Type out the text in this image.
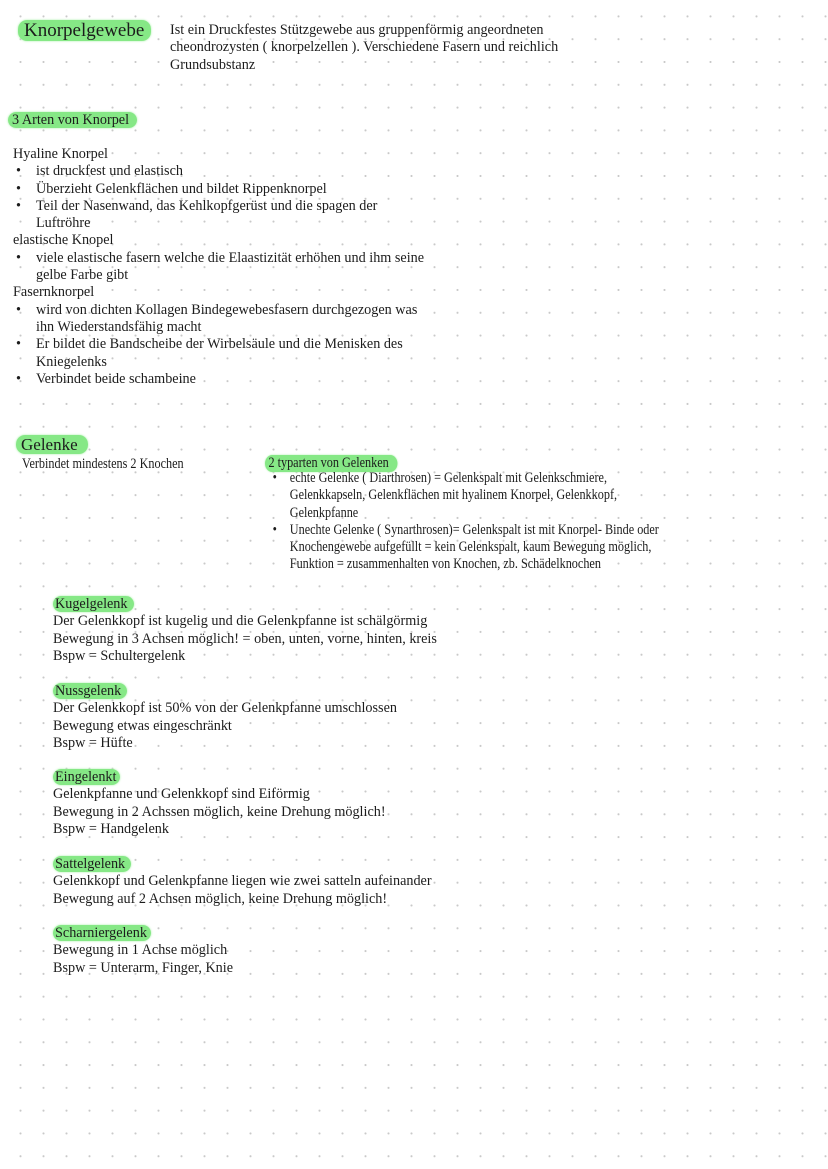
Knorpelgewebe	Ist ein Druckfestes Stützgewebe aus gruppenförmig angeordneten
cheondrozysten ( knorpelzellen ). Verschiedene Fasern und reichlich
Grundsubstanz
3 Arten von Knorpel
Hyaline Knorpel
• ist druckfest und elastisch
• Überzieht Gelenkflächen und bildet Rippenknorpel
• Teil der Nasenwand, das Kehlkopfgerüst und die spagen der
Luftröhre
elastische Knopel
• viele elastische fasern welche die Elaastizität erhöhen und ihm seine
gelbe Farbe gibt
Fasernknorpel
• wird von dichten Kollagen Bindegewebesfasern durchgezogen was
ihn Wiederstandsfähig macht
• Er bildet die Bandscheibe der Wirbelsäule und die Menisken des
Kniegelenks
• Verbindet beide schambeine
Gelenke
Verbindet mindestens 2 Knochen	2 typarten von Gelenken
• echte Gelenke ( Diarthrosen) = Gelenkspalt mit Gelenkschmiere,
Gelenkkapseln, Gelenkflächen mit hyalinem Knorpel, Gelenkkopf,
Gelenkpfanne
• Unechte Gelenke ( Synarthrosen)= Gelenkspalt ist mit Knorpel- Binde oder
Knochengewebe aufgefüllt = kein Gelenkspalt, kaum Bewegung möglich,
Funktion = zusammenhalten von Knochen, zb. Schädelknochen
Kugelgelenk
Der Gelenkkopf ist kugelig und die Gelenkpfanne ist schälgörmig
Bewegung in 3 Achsen möglich! = oben, unten, vorne, hinten, kreis
Bspw = Schultergelenk
Nussgelenk
Der Gelenkkopf ist 50% von der Gelenkpfanne umschlossen
Bewegung etwas eingeschränkt
Bspw = Hüfte
Eingelenkt
Gelenkpfanne und Gelenkkopf sind Eiförmig
Bewegung in 2 Achssen möglich, keine Drehung möglich!
Bspw = Handgelenk
Sattelgelenk
Gelenkkopf und Gelenkpfanne liegen wie zwei satteln aufeinander
Bewegung auf 2 Achsen möglich, keine Drehung möglich!
Scharniergelenk
Bewegung in 1 Achse möglich
Bspw = Unterarm, Finger, Knie
